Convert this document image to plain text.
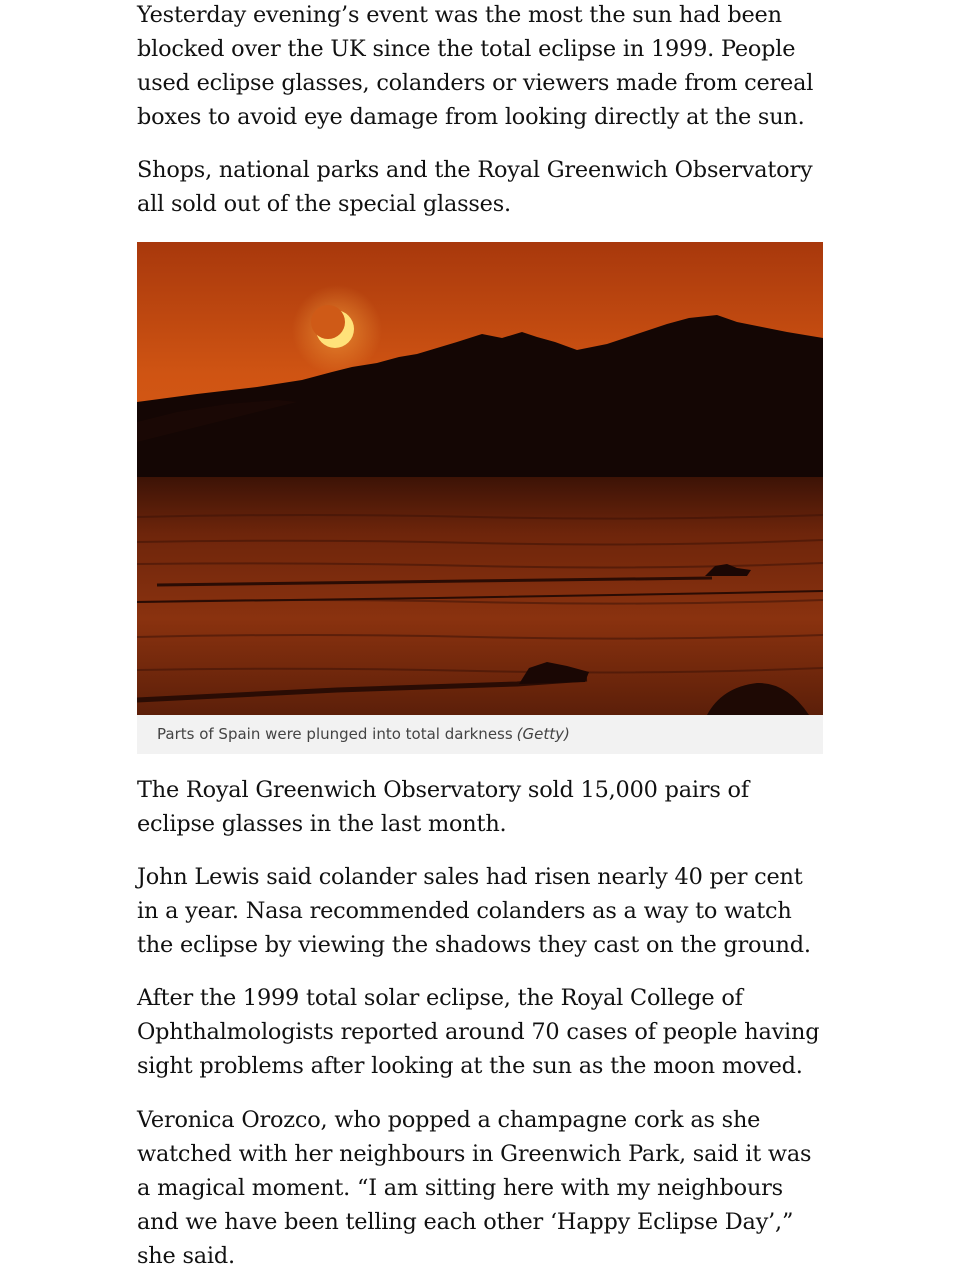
Yesterday evening’s event was the most the sun had been blocked over the UK since the total eclipse in 1999. People used eclipse glasses, colanders or viewers made from cereal boxes to avoid eye damage from looking directly at the sun.

Shops, national parks and the Royal Greenwich Observatory all sold out of the special glasses.

Parts of Spain were plunged into total darkness (Getty)

The Royal Greenwich Observatory sold 15,000 pairs of eclipse glasses in the last month.

John Lewis said colander sales had risen nearly 40 per cent in a year. Nasa recommended colanders as a way to watch the eclipse by viewing the shadows they cast on the ground.

After the 1999 total solar eclipse, the Royal College of Ophthalmologists reported around 70 cases of people having sight problems after looking at the sun as the moon moved.

Veronica Orozco, who popped a champagne cork as she watched with her neighbours in Greenwich Park, said it was a magical moment. “I am sitting here with my neighbours and we have been telling each other ‘Happy Eclipse Day’,” she said.
